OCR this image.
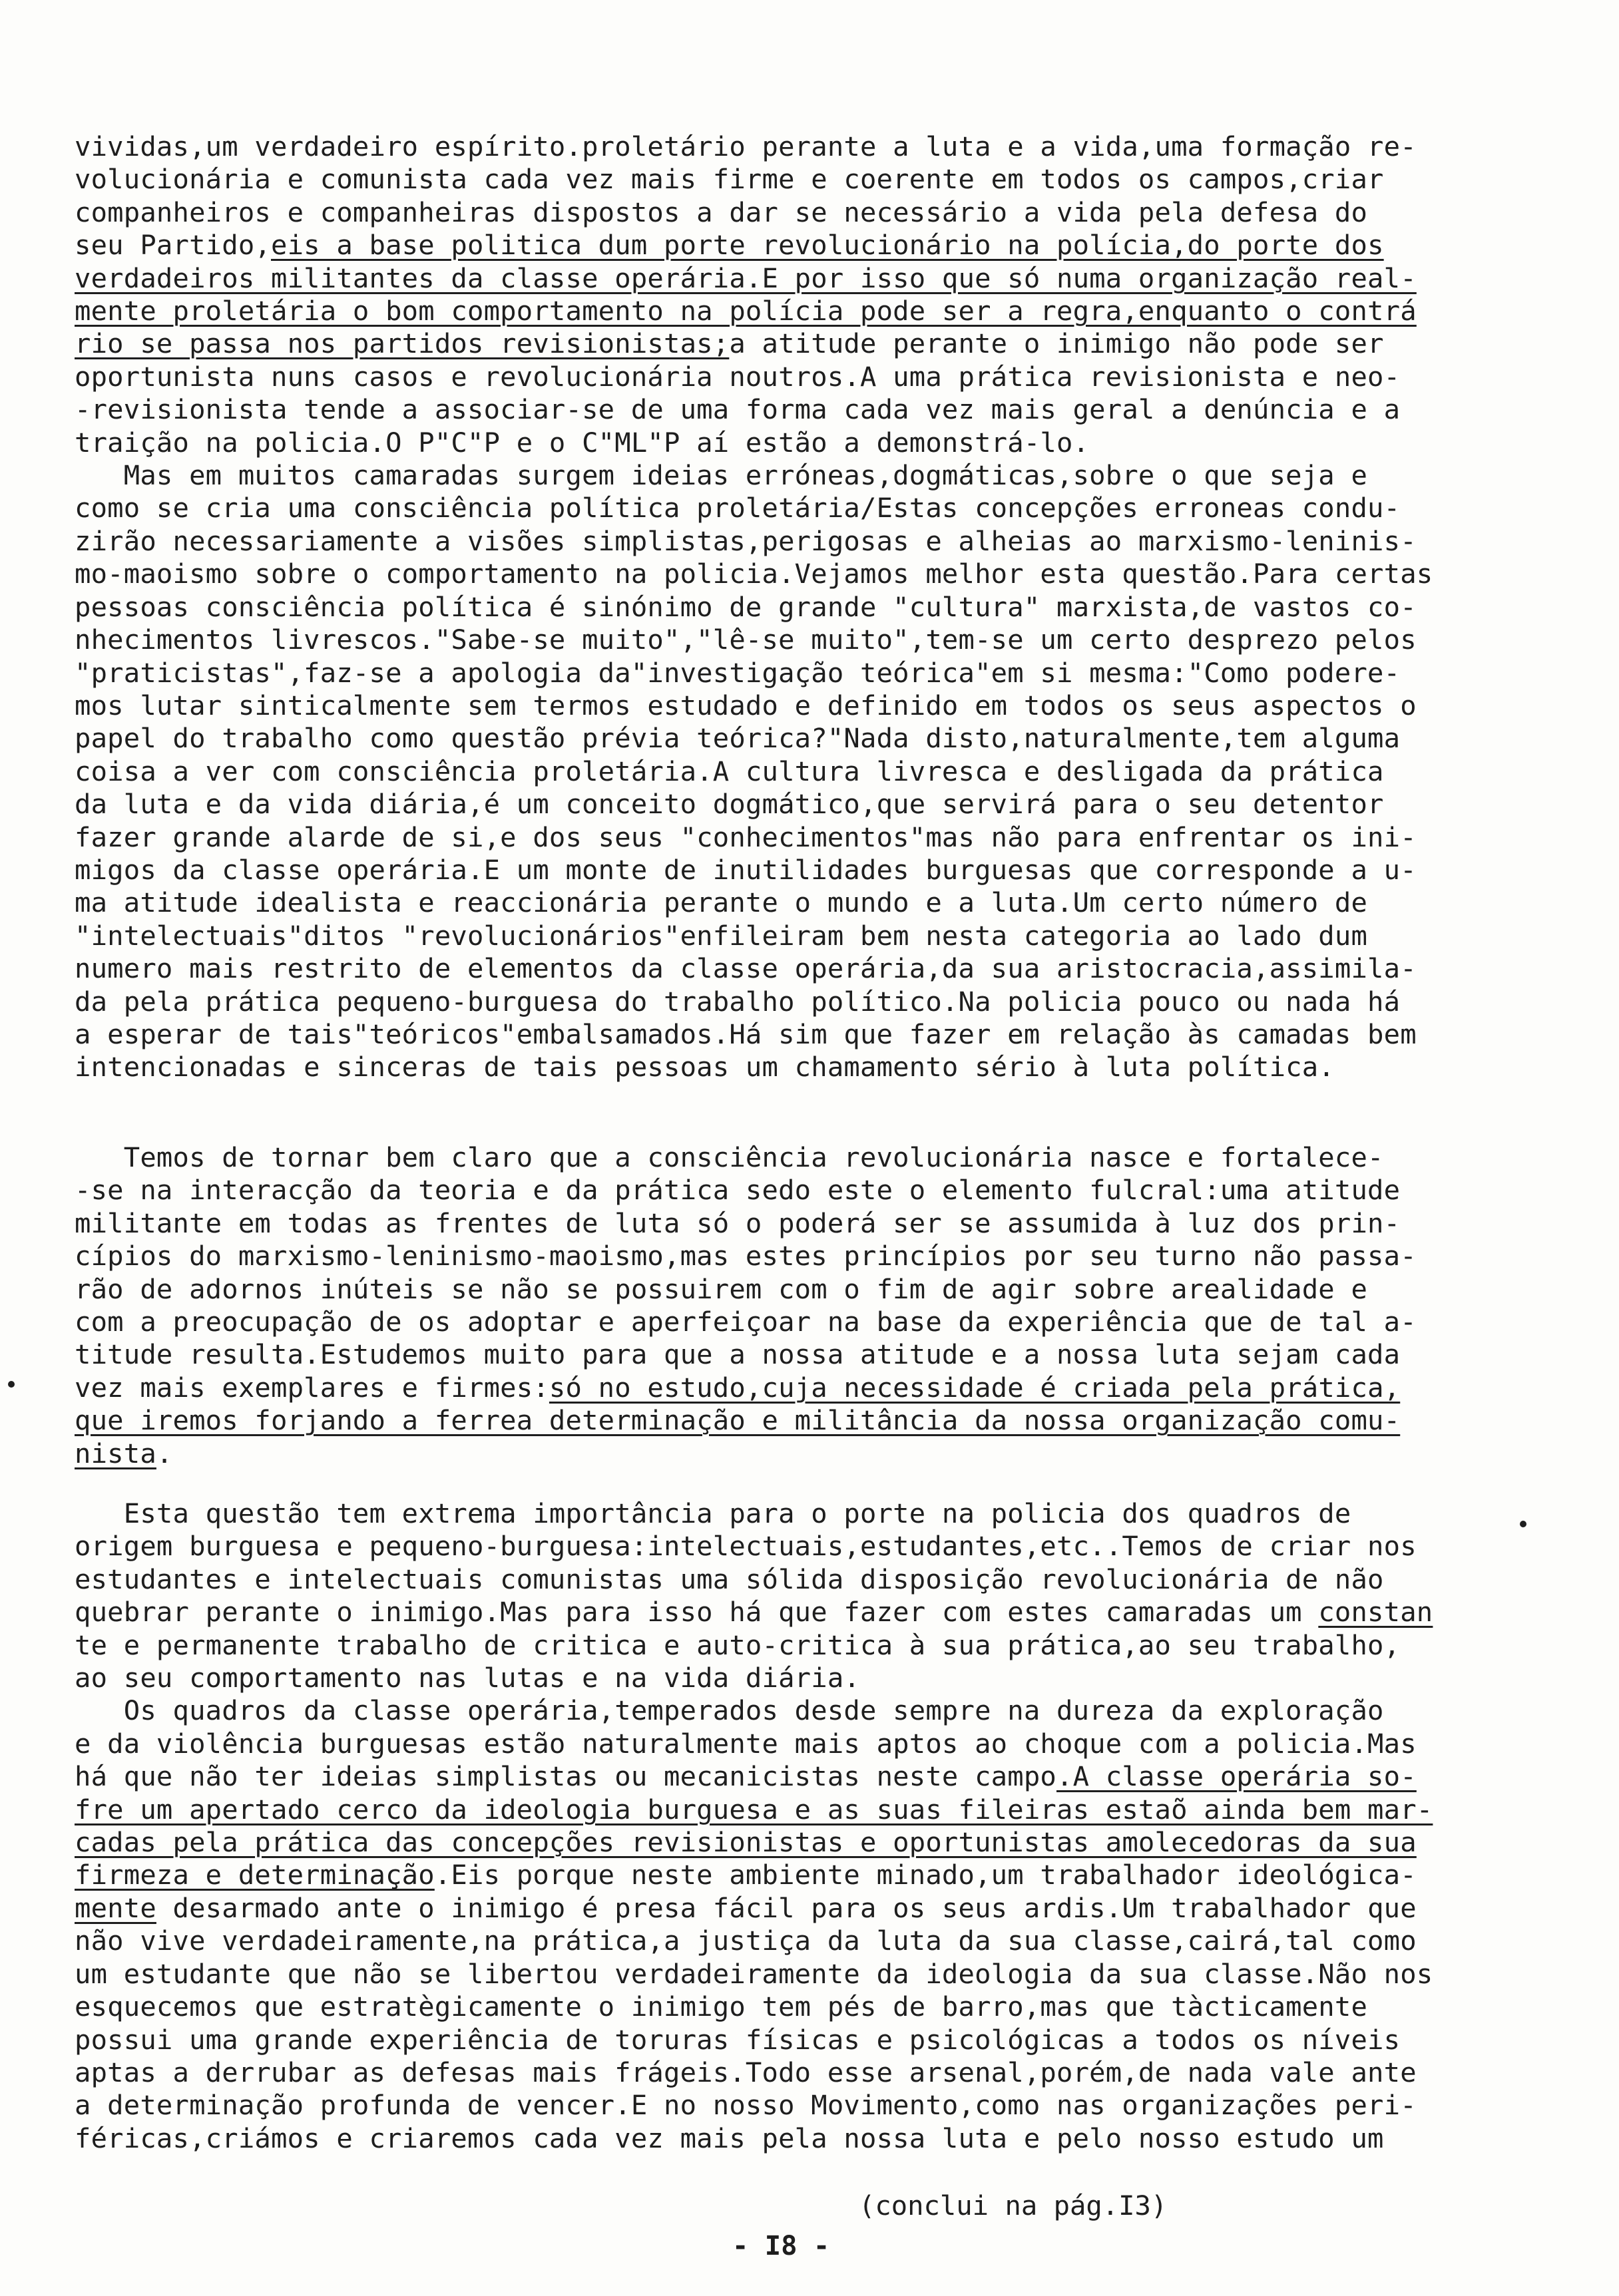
vividas,um verdadeiro espírito.proletário perante a luta e a vida,uma formação re-
volucionária e comunista cada vez mais firme e coerente em todos os campos,criar
companheiros e companheiras dispostos a dar se necessário a vida pela defesa do
seu Partido,eis a base politica dum porte revolucionário na polícia,do porte dos
verdadeiros militantes da classe operária.E por isso que só numa organização real-
mente proletária o bom comportamento na polícia pode ser a regra,enquanto o contrá
rio se passa nos partidos revisionistas;a atitude perante o inimigo não pode ser
oportunista nuns casos e revolucionária noutros.A uma prática revisionista e neo-
-revisionista tende a associar-se de uma forma cada vez mais geral a denúncia e a
traição na policia.O P"C"P e o C"ML"P aí estão a demonstrá-lo.
Mas em muitos camaradas surgem ideias erróneas,dogmáticas,sobre o que seja e
como se cria uma consciência política proletária/Estas concepções erroneas condu-
zirão necessariamente a visões simplistas,perigosas e alheias ao marxismo-leninis-
mo-maoismo sobre o comportamento na policia.Vejamos melhor esta questão.Para certas
pessoas consciência política é sinónimo de grande "cultura" marxista,de vastos co-
nhecimentos livrescos."Sabe-se muito","lê-se muito",tem-se um certo desprezo pelos
"praticistas",faz-se a apologia da"investigação teórica"em si mesma:"Como podere-
mos lutar sinticalmente sem termos estudado e definido em todos os seus aspectos o
papel do trabalho como questão prévia teórica?"Nada disto,naturalmente,tem alguma
coisa a ver com consciência proletária.A cultura livresca e desligada da prática
da luta e da vida diária,é um conceito dogmático,que servirá para o seu detentor
fazer grande alarde de si,e dos seus "conhecimentos"mas não para enfrentar os ini-
migos da classe operária.E um monte de inutilidades burguesas que corresponde a u-
ma atitude idealista e reaccionária perante o mundo e a luta.Um certo número de
"intelectuais"ditos "revolucionários"enfileiram bem nesta categoria ao lado dum
numero mais restrito de elementos da classe operária,da sua aristocracia,assimila-
da pela prática pequeno-burguesa do trabalho político.Na policia pouco ou nada há
a esperar de tais"teóricos"embalsamados.Há sim que fazer em relação às camadas bem
intencionadas e sinceras de tais pessoas um chamamento sério à luta política.
Temos de tornar bem claro que a consciência revolucionária nasce e fortalece-
-se na interacção da teoria e da prática sedo este o elemento fulcral:uma atitude
militante em todas as frentes de luta só o poderá ser se assumida à luz dos prin-
cípios do marxismo-leninismo-maoismo,mas estes princípios por seu turno não passa-
rão de adornos inúteis se não se possuirem com o fim de agir sobre arealidade e
com a preocupação de os adoptar e aperfeiçoar na base da experiência que de tal a-
titude resulta.Estudemos muito para que a nossa atitude e a nossa luta sejam cada
vez mais exemplares e firmes:só no estudo,cuja necessidade é criada pela prática,
que iremos forjando a ferrea determinação e militância da nossa organização comu-
nista.
Esta questão tem extrema importância para o porte na policia dos quadros de
origem burguesa e pequeno-burguesa:intelectuais,estudantes,etc..Temos de criar nos
estudantes e intelectuais comunistas uma sólida disposição revolucionária de não
quebrar perante o inimigo.Mas para isso há que fazer com estes camaradas um constan
te e permanente trabalho de critica e auto-critica à sua prática,ao seu trabalho,
ao seu comportamento nas lutas e na vida diária.
Os quadros da classe operária,temperados desde sempre na dureza da exploração
e da violência burguesas estão naturalmente mais aptos ao choque com a policia.Mas
há que não ter ideias simplistas ou mecanicistas neste campo.A classe operária so-
fre um apertado cerco da ideologia burguesa e as suas fileiras estaõ ainda bem mar-
cadas pela prática das concepções revisionistas e oportunistas amolecedoras da sua
firmeza e determinação.Eis porque neste ambiente minado,um trabalhador ideológica-
mente desarmado ante o inimigo é presa fácil para os seus ardis.Um trabalhador que
não vive verdadeiramente,na prática,a justiça da luta da sua classe,cairá,tal como
um estudante que não se libertou verdadeiramente da ideologia da sua classe.Não nos
esquecemos que estratègicamente o inimigo tem pés de barro,mas que tàcticamente
possui uma grande experiência de toruras físicas e psicológicas a todos os níveis
aptas a derrubar as defesas mais frágeis.Todo esse arsenal,porém,de nada vale ante
a determinação profunda de vencer.E no nosso Movimento,como nas organizações peri-
féricas,criámos e criaremos cada vez mais pela nossa luta e pelo nosso estudo um
(conclui na pág.I3)
- I8 -
